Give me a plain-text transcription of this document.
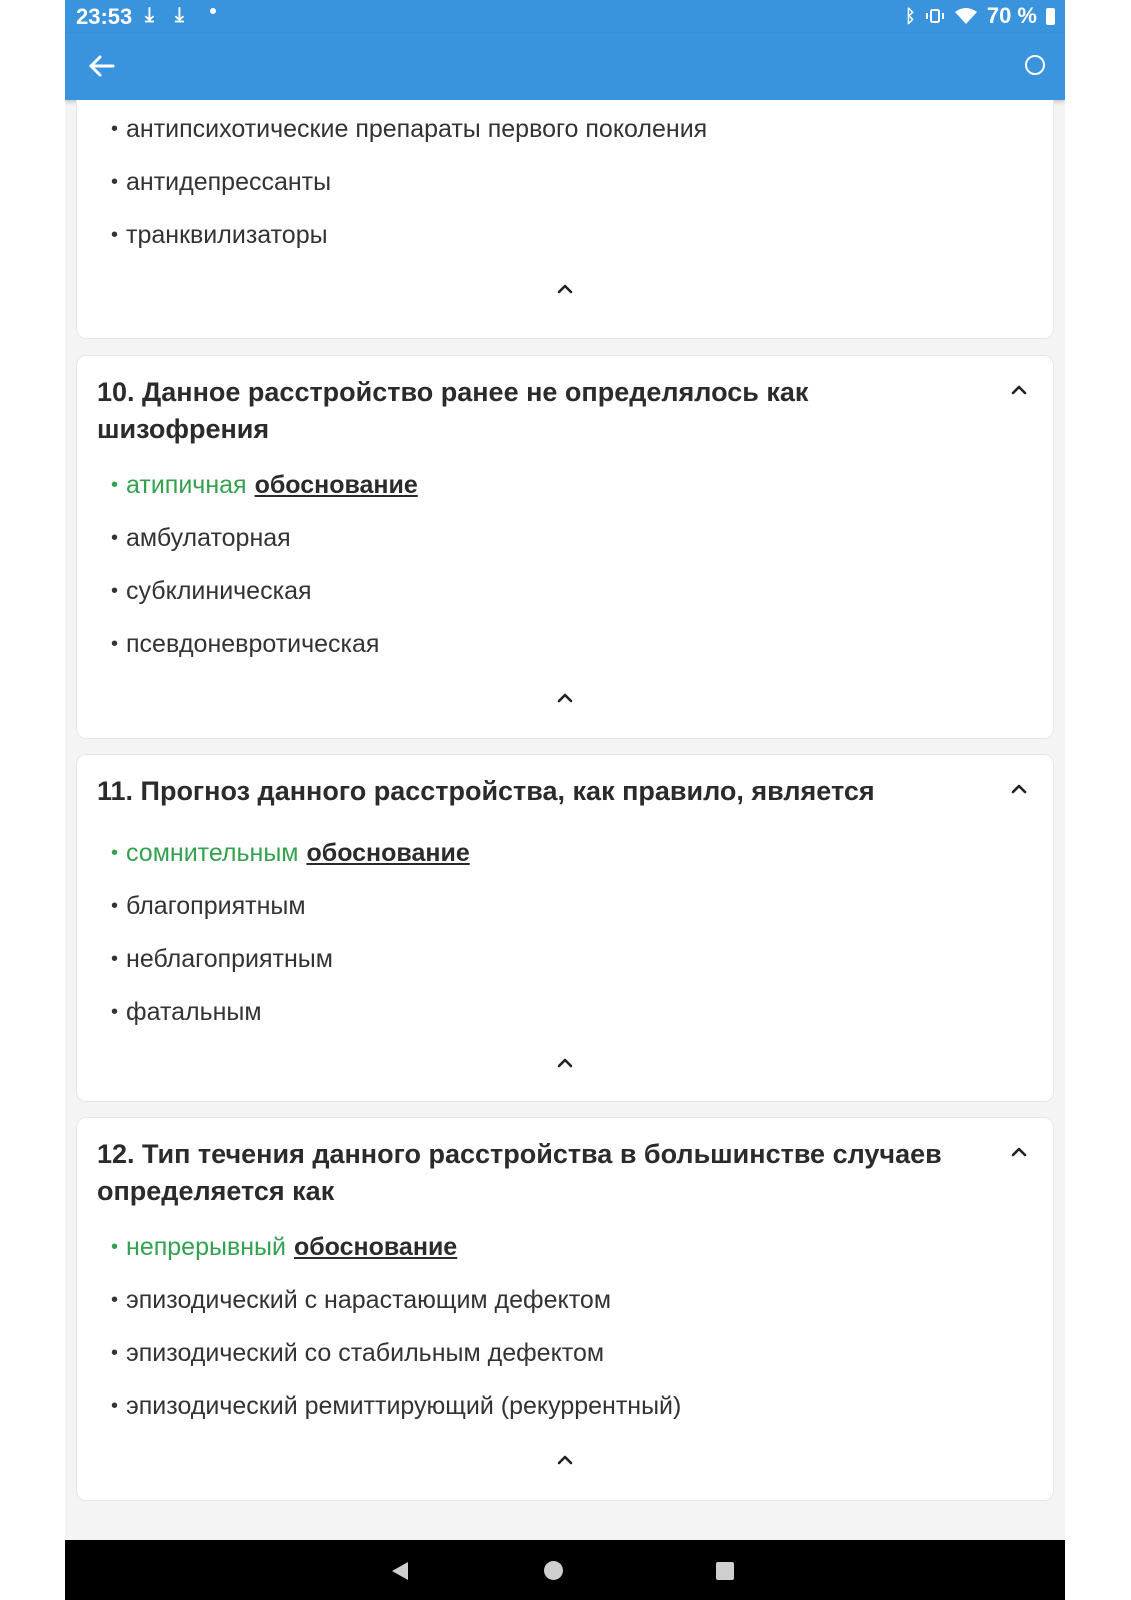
23:53 ⤓ ⤓	ᛒ	70 %
• антипсихотические препараты первого поколения
• антидепрессанты
• транквилизаторы
10. Данное расстройство ранее не определялось как шизофрения
• атипичная обоснование
• амбулаторная
• субклиническая
• псевдоневротическая
11. Прогноз данного расстройства, как правило, является
• сомнительным обоснование
• благоприятным
• неблагоприятным
• фатальным
12. Тип течения данного расстройства в большинстве случаев определяется как
• непрерывный обоснование
• эпизодический с нарастающим дефектом
• эпизодический со стабильным дефектом
• эпизодический ремиттирующий (рекуррентный)
